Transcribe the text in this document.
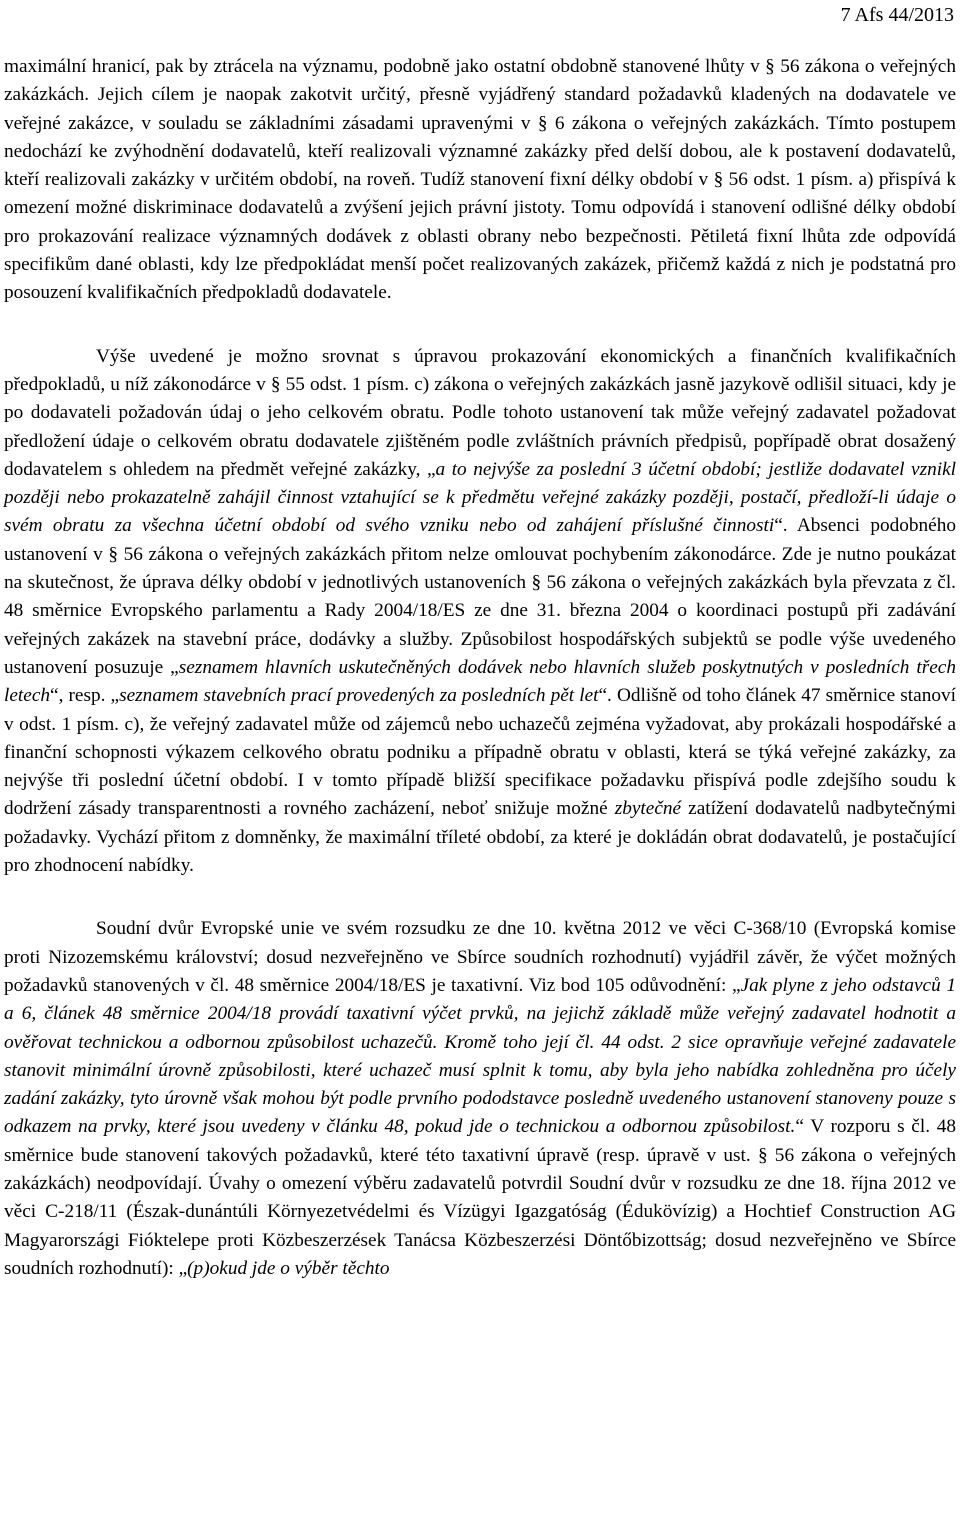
7 Afs 44/2013

maximální hranicí, pak by ztrácela na významu, podobně jako ostatní obdobně stanovené lhůty v § 56 zákona o veřejných zakázkách. Jejich cílem je naopak zakotvit určitý, přesně vyjádřený standard požadavků kladených na dodavatele ve veřejné zakázce, v souladu se základními zásadami upravenými v § 6 zákona o veřejných zakázkách. Tímto postupem nedochází ke zvýhodnění dodavatelů, kteří realizovali významné zakázky před delší dobou, ale k postavení dodavatelů, kteří realizovali zakázky v určitém období, na roveň. Tudíž stanovení fixní délky období v § 56 odst. 1 písm. a) přispívá k omezení možné diskriminace dodavatelů a zvýšení jejich právní jistoty. Tomu odpovídá i stanovení odlišné délky období pro prokazování realizace významných dodávek z oblasti obrany nebo bezpečnosti. Pětiletá fixní lhůta zde odpovídá specifikům dané oblasti, kdy lze předpokládat menší počet realizovaných zakázek, přičemž každá z nich je podstatná pro posouzení kvalifikačních předpokladů dodavatele.

Výše uvedené je možno srovnat s úpravou prokazování ekonomických a finančních kvalifikačních předpokladů, u níž zákonodárce v § 55 odst. 1 písm. c) zákona o veřejných zakázkách jasně jazykově odlišil situaci, kdy je po dodavateli požadován údaj o jeho celkovém obratu. Podle tohoto ustanovení tak může veřejný zadavatel požadovat předložení údaje o celkovém obratu dodavatele zjištěném podle zvláštních právních předpisů, popřípadě obrat dosažený dodavatelem s ohledem na předmět veřejné zakázky, „a to nejvýše za poslední 3 účetní období; jestliže dodavatel vznikl později nebo prokazatelně zahájil činnost vztahující se k předmětu veřejné zakázky později, postačí, předloží-li údaje o svém obratu za všechna účetní období od svého vzniku nebo od zahájení příslušné činnosti“. Absenci podobného ustanovení v § 56 zákona o veřejných zakázkách přitom nelze omlouvat pochybením zákonodárce. Zde je nutno poukázat na skutečnost, že úprava délky období v jednotlivých ustanoveních § 56 zákona o veřejných zakázkách byla převzata z čl. 48 směrnice Evropského parlamentu a Rady 2004/18/ES ze dne 31. března 2004 o koordinaci postupů při zadávání veřejných zakázek na stavební práce, dodávky a služby. Způsobilost hospodářských subjektů se podle výše uvedeného ustanovení posuzuje „seznamem hlavních uskutečněných dodávek nebo hlavních služeb poskytnutých v posledních třech letech“, resp. „seznamem stavebních prací provedených za posledních pět let“. Odlišně od toho článek 47 směrnice stanoví v odst. 1 písm. c), že veřejný zadavatel může od zájemců nebo uchazečů zejména vyžadovat, aby prokázali hospodářské a finanční schopnosti výkazem celkového obratu podniku a případně obratu v oblasti, která se týká veřejné zakázky, za nejvýše tři poslední účetní období. I v tomto případě bližší specifikace požadavku přispívá podle zdejšího soudu k dodržení zásady transparentnosti a rovného zacházení, neboť snižuje možné zbytečné zatížení dodavatelů nadbytečnými požadavky. Vychází přitom z domněnky, že maximální tříleté období, za které je dokládán obrat dodavatelů, je postačující pro zhodnocení nabídky.

Soudní dvůr Evropské unie ve svém rozsudku ze dne 10. května 2012 ve věci C-368/10 (Evropská komise proti Nizozemskému království; dosud nezveřejněno ve Sbírce soudních rozhodnutí) vyjádřil závěr, že výčet možných požadavků stanovených v čl. 48 směrnice 2004/18/ES je taxativní. Viz bod 105 odůvodnění: „Jak plyne z jeho odstavců 1 a 6, článek 48 směrnice 2004/18 provádí taxativní výčet prvků, na jejichž základě může veřejný zadavatel hodnotit a ověřovat technickou a odbornou způsobilost uchazečů. Kromě toho její čl. 44 odst. 2 sice opravňuje veřejné zadavatele stanovit minimální úrovně způsobilosti, které uchazeč musí splnit k tomu, aby byla jeho nabídka zohledněna pro účely zadání zakázky, tyto úrovně však mohou být podle prvního pododstavce posledně uvedeného ustanovení stanoveny pouze s odkazem na prvky, které jsou uvedeny v článku 48, pokud jde o technickou a odbornou způsobilost.“ V rozporu s čl. 48 směrnice bude stanovení takových požadavků, které této taxativní úpravě (resp. úpravě v ust. § 56 zákona o veřejných zakázkách) neodpovídají. Úvahy o omezení výběru zadavatelů potvrdil Soudní dvůr v rozsudku ze dne 18. října 2012 ve věci C-218/11 (Észak-dunántúli Környezetvédelmi és Vízügyi Igazgatóság (Édukövízig) a Hochtief Construction AG Magyarországi Fióktelepe proti Közbeszerzések Tanácsa Közbeszerzési Döntőbizottság; dosud nezveřejněno ve Sbírce soudních rozhodnutí): „(p)okud jde o výběr těchto
